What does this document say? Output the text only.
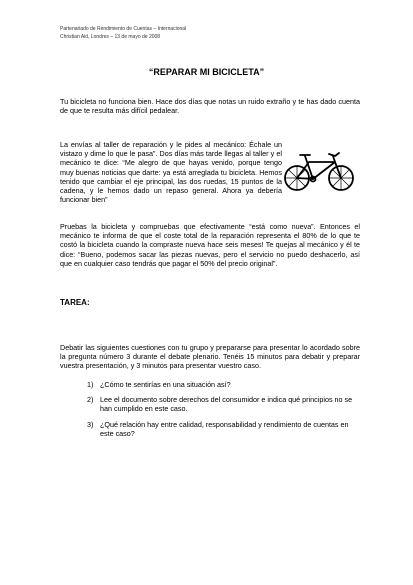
Partenariado de Rendimiento de Cuentas – Internacional
Christian Aid, Londres – 13 de mayo de 2008
“REPARAR MI BICICLETA”
Tu bicicleta no funciona bien. Hace dos días que notas un ruido extraño y te has dado cuenta de que te resulta más difícil pedalear.
La envías al taller de reparación y le pides al mecánico: Échale un vistazo y dime lo que le pasa”. Dos días más tarde llegas al taller y el mecánico te dice: “Me alegro de que hayas venido, porque tengo muy buenas noticias que darte: ya está arreglada tu bicicleta. Hemos tenido que cambiar el eje principal, las dos ruedas, 15 puntos de la cadena, y le hemos dado un repaso general. Ahora ya debería funcionar bien”
Pruebas la bicicleta y compruebas que efectivamente “está como nueva”. Entonces el mecánico te informa de que el coste total de la reparación representa el 80% de lo que te costó la bicicleta cuando la compraste nueva hace seis meses! Te quejas al mecánico y él te dice: “Bueno, podemos sacar las piezas nuevas, pero el servicio no puedo deshacerlo, así que en cualquier caso tendrás que pagar el 50% del precio original”.
TAREA:
Debatir las siguientes cuestiones con tu grupo y prepararse para presentar lo acordado sobre la pregunta número 3 durante el debate plenario. Tenéis 15 minutos para debatir y preparar vuestra presentación, y 3 minutos para presentar vuestro caso.
1) ¿Cómo te sentirías en una situación así?
2) Lee el documento sobre derechos del consumidor e indica qué principios no se han cumplido en este caso.
3) ¿Qué relación hay entre calidad, responsabilidad y rendimiento de cuentas en este caso?
